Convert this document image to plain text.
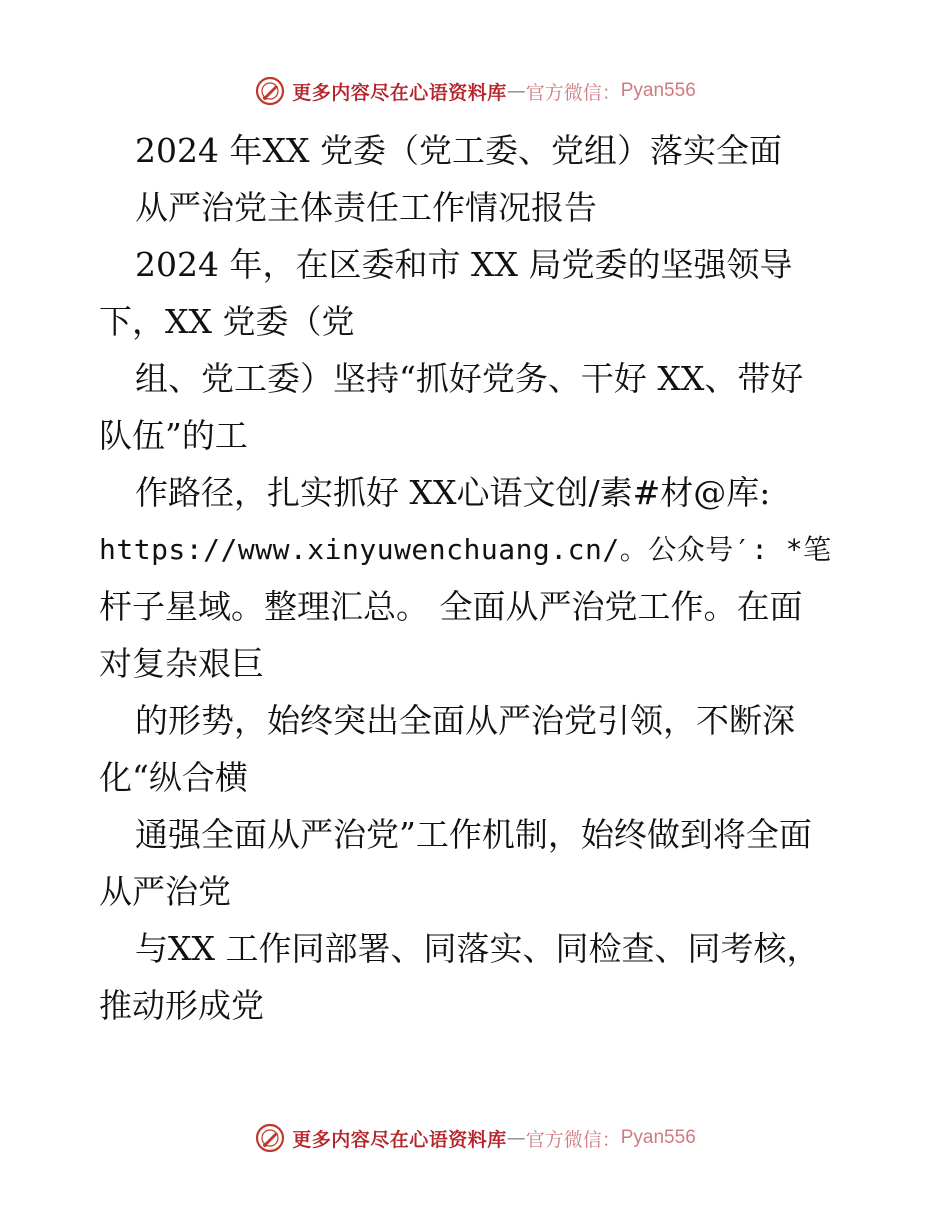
更多内容尽在心语资料库 — 官方微信： Pyan556
2024 年XX 党委（党工委、党组）落实全面
从严治党主体责任工作情况报告
2024 年，在区委和市 XX 局党委的坚强领导
下，XX 党委（党
组、党工委）坚持“抓好党务、干好 XX、带好
队伍”的工
作路径，扎实抓好 XX心语文创/素#材@库:
https://www.xinyuwenchuang.cn/。公众号′: *笔
杆子星域。整理汇总。 全面从严治党工作。在面
对复杂艰巨
的形势，始终突出全面从严治党引领，不断深
化“纵合横
通强全面从严治党”工作机制，始终做到将全面
从严治党
与XX 工作同部署、同落实、同检查、同考核，
推动形成党
更多内容尽在心语资料库 — 官方微信： Pyan556
